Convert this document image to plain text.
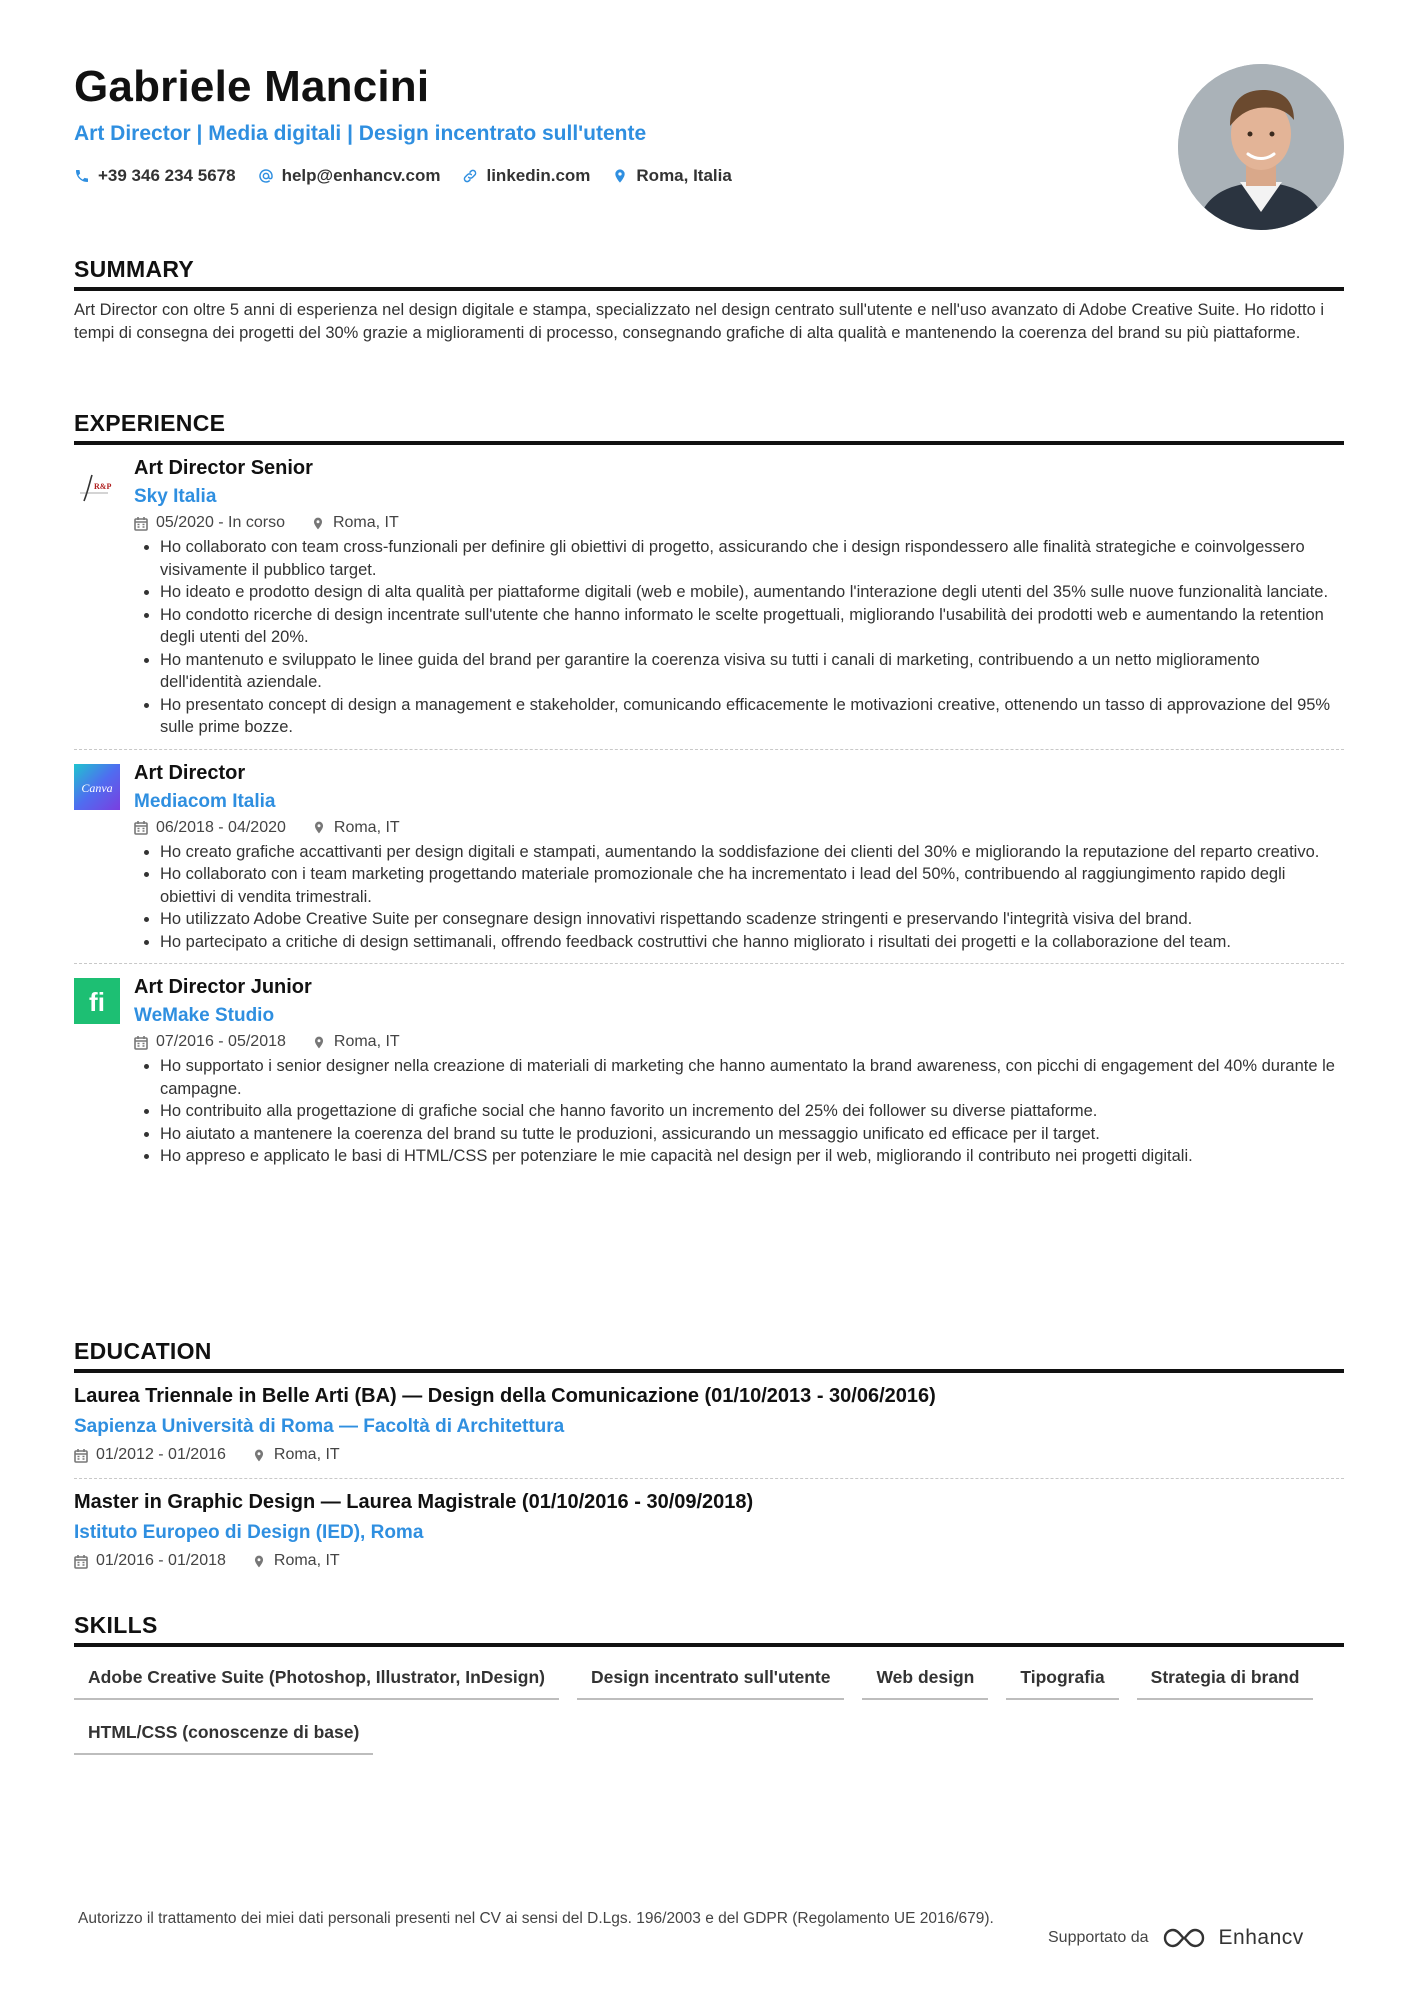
Gabriele Mancini

Art Director | Media digitali | Design incentrato sull'utente

+39 346 234 5678	help@enhancv.com	linkedin.com	Roma, Italia
SUMMARY

Art Director con oltre 5 anni di esperienza nel design digitale e stampa, specializzato nel design centrato sull'utente e nell'uso avanzato di Adobe Creative Suite. Ho ridotto i tempi di consegna dei progetti del 30% grazie a miglioramenti di processo, consegnando grafiche di alta qualità e mantenendo la coerenza del brand su più piattaforme.

EXPERIENCE
R&P
Art Director Senior
Sky Italia
05/2020 - In corso	Roma, IT
• Ho collaborato con team cross-funzionali per definire gli obiettivi di progetto, assicurando che i design rispondessero alle finalità strategiche e coinvolgessero visivamente il pubblico target.
• Ho ideato e prodotto design di alta qualità per piattaforme digitali (web e mobile), aumentando l'interazione degli utenti del 35% sulle nuove funzionalità lanciate.
• Ho condotto ricerche di design incentrate sull'utente che hanno informato le scelte progettuali, migliorando l'usabilità dei prodotti web e aumentando la retention degli utenti del 20%.
• Ho mantenuto e sviluppato le linee guida del brand per garantire la coerenza visiva su tutti i canali di marketing, contribuendo a un netto miglioramento dell'identità aziendale.
• Ho presentato concept di design a management e stakeholder, comunicando efficacemente le motivazioni creative, ottenendo un tasso di approvazione del 95% sulle prime bozze.
Canva
Art Director
Mediacom Italia
06/2018 - 04/2020	Roma, IT
• Ho creato grafiche accattivanti per design digitali e stampati, aumentando la soddisfazione dei clienti del 30% e migliorando la reputazione del reparto creativo.
• Ho collaborato con i team marketing progettando materiale promozionale che ha incrementato i lead del 50%, contribuendo al raggiungimento rapido degli obiettivi di vendita trimestrali.
• Ho utilizzato Adobe Creative Suite per consegnare design innovativi rispettando scadenze stringenti e preservando l'integrità visiva del brand.
• Ho partecipato a critiche di design settimanali, offrendo feedback costruttivi che hanno migliorato i risultati dei progetti e la collaborazione del team.
fi Art Director Junior
WeMake Studio
07/2016 - 05/2018	Roma, IT
• Ho supportato i senior designer nella creazione di materiali di marketing che hanno aumentato la brand awareness, con picchi di engagement del 40% durante le campagne.
• Ho contribuito alla progettazione di grafiche social che hanno favorito un incremento del 25% dei follower su diverse piattaforme.
• Ho aiutato a mantenere la coerenza del brand su tutte le produzioni, assicurando un messaggio unificato ed efficace per il target.
• Ho appreso e applicato le basi di HTML/CSS per potenziare le mie capacità nel design per il web, migliorando il contributo nei progetti digitali.
EDUCATION
Laurea Triennale in Belle Arti (BA) — Design della Comunicazione (01/10/2013 - 30/06/2016)
Sapienza Università di Roma — Facoltà di Architettura
01/2012 - 01/2016	Roma, IT
Master in Graphic Design — Laurea Magistrale (01/10/2016 - 30/09/2018)
Istituto Europeo di Design (IED), Roma
01/2016 - 01/2018	Roma, IT
SKILLS
Adobe Creative Suite (Photoshop, Illustrator, InDesign)	Design incentrato sull'utente	Web design	Tipografia	Strategia di brand
HTML/CSS (conoscenze di base)

Autorizzo il trattamento dei miei dati personali presenti nel CV ai sensi del D.Lgs. 196/2003 e del GDPR (Regolamento UE 2016/679).

Supportato da	Enhancv
